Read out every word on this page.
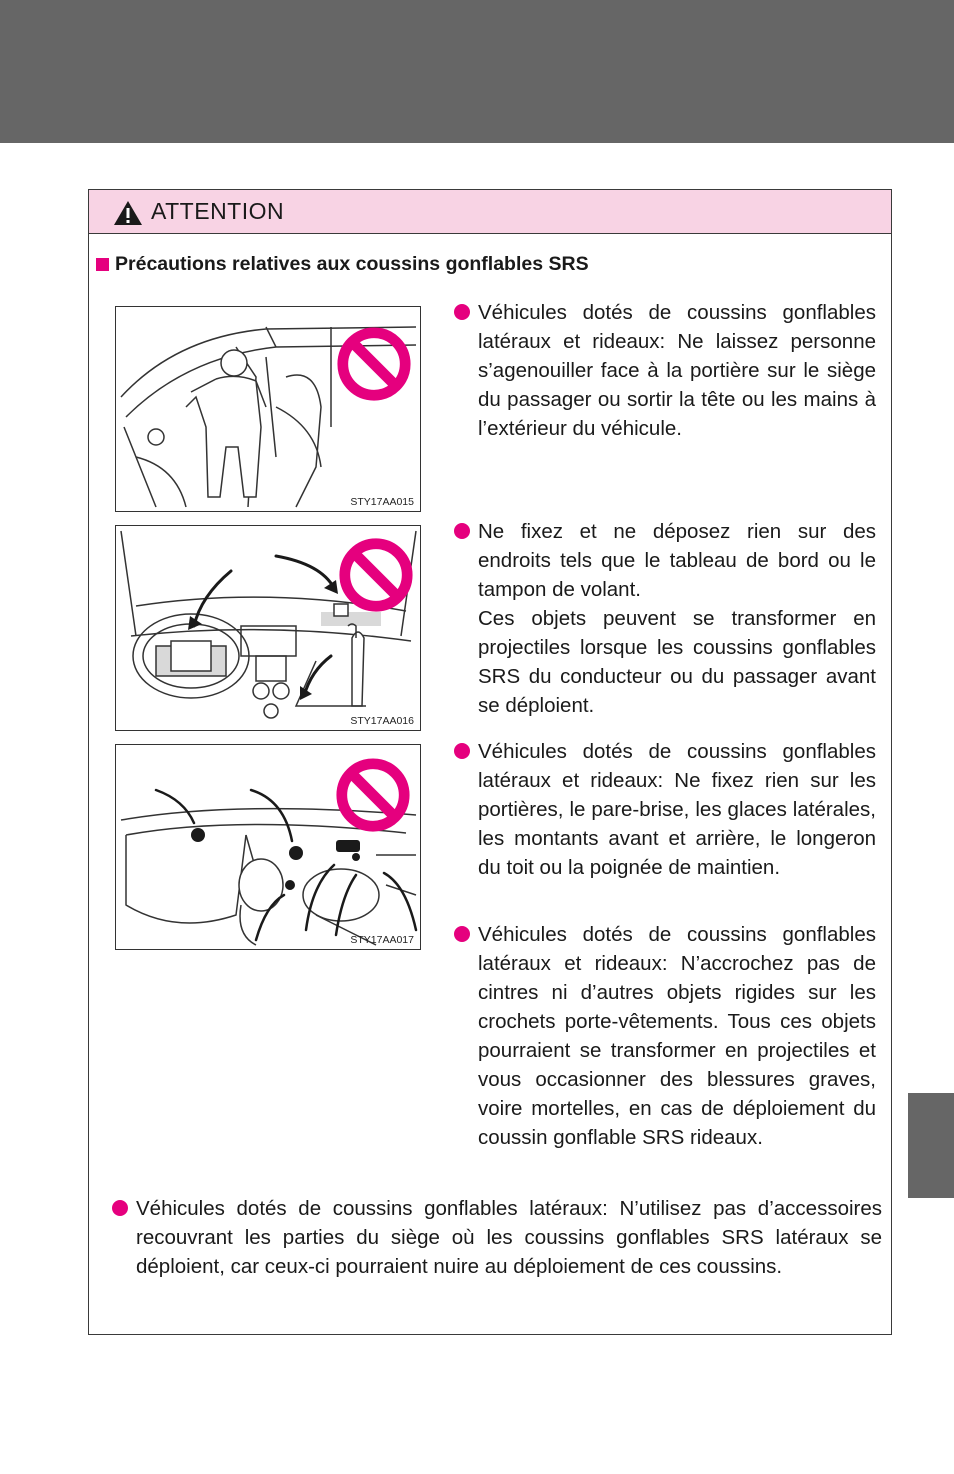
ATTENTION
Précautions relatives aux coussins gonflables SRS
STY17AA015
STY17AA016
STY17AA017

Véhicules dotés de coussins gonflables latéraux et rideaux: Ne laissez personne s’agenouiller face à la portière sur le siège du passager ou sortir la tête ou les mains à l’extérieur du véhicule.

Ne fixez et ne déposez rien sur des endroits tels que le tableau de bord ou le tampon de volant.

Ces objets peuvent se transformer en projectiles lorsque les coussins gonflables SRS du conducteur ou du passager avant se déploient.

Véhicules dotés de coussins gonflables latéraux et rideaux: Ne fixez rien sur les portières, le pare-brise, les glaces latérales, les montants avant et arrière, le longeron du toit ou la poignée de maintien.

Véhicules dotés de coussins gonflables latéraux et rideaux: N’accrochez pas de cintres ni d’autres objets rigides sur les crochets porte-vêtements. Tous ces objets pourraient se transformer en projectiles et vous occasionner des blessures graves, voire mortelles, en cas de déploiement du coussin gonflable SRS rideaux.

Véhicules dotés de coussins gonflables latéraux: N’utilisez pas d’accessoires recouvrant les parties du siège où les coussins gonflables SRS latéraux se déploient, car ceux-ci pourraient nuire au déploiement de ces coussins.
